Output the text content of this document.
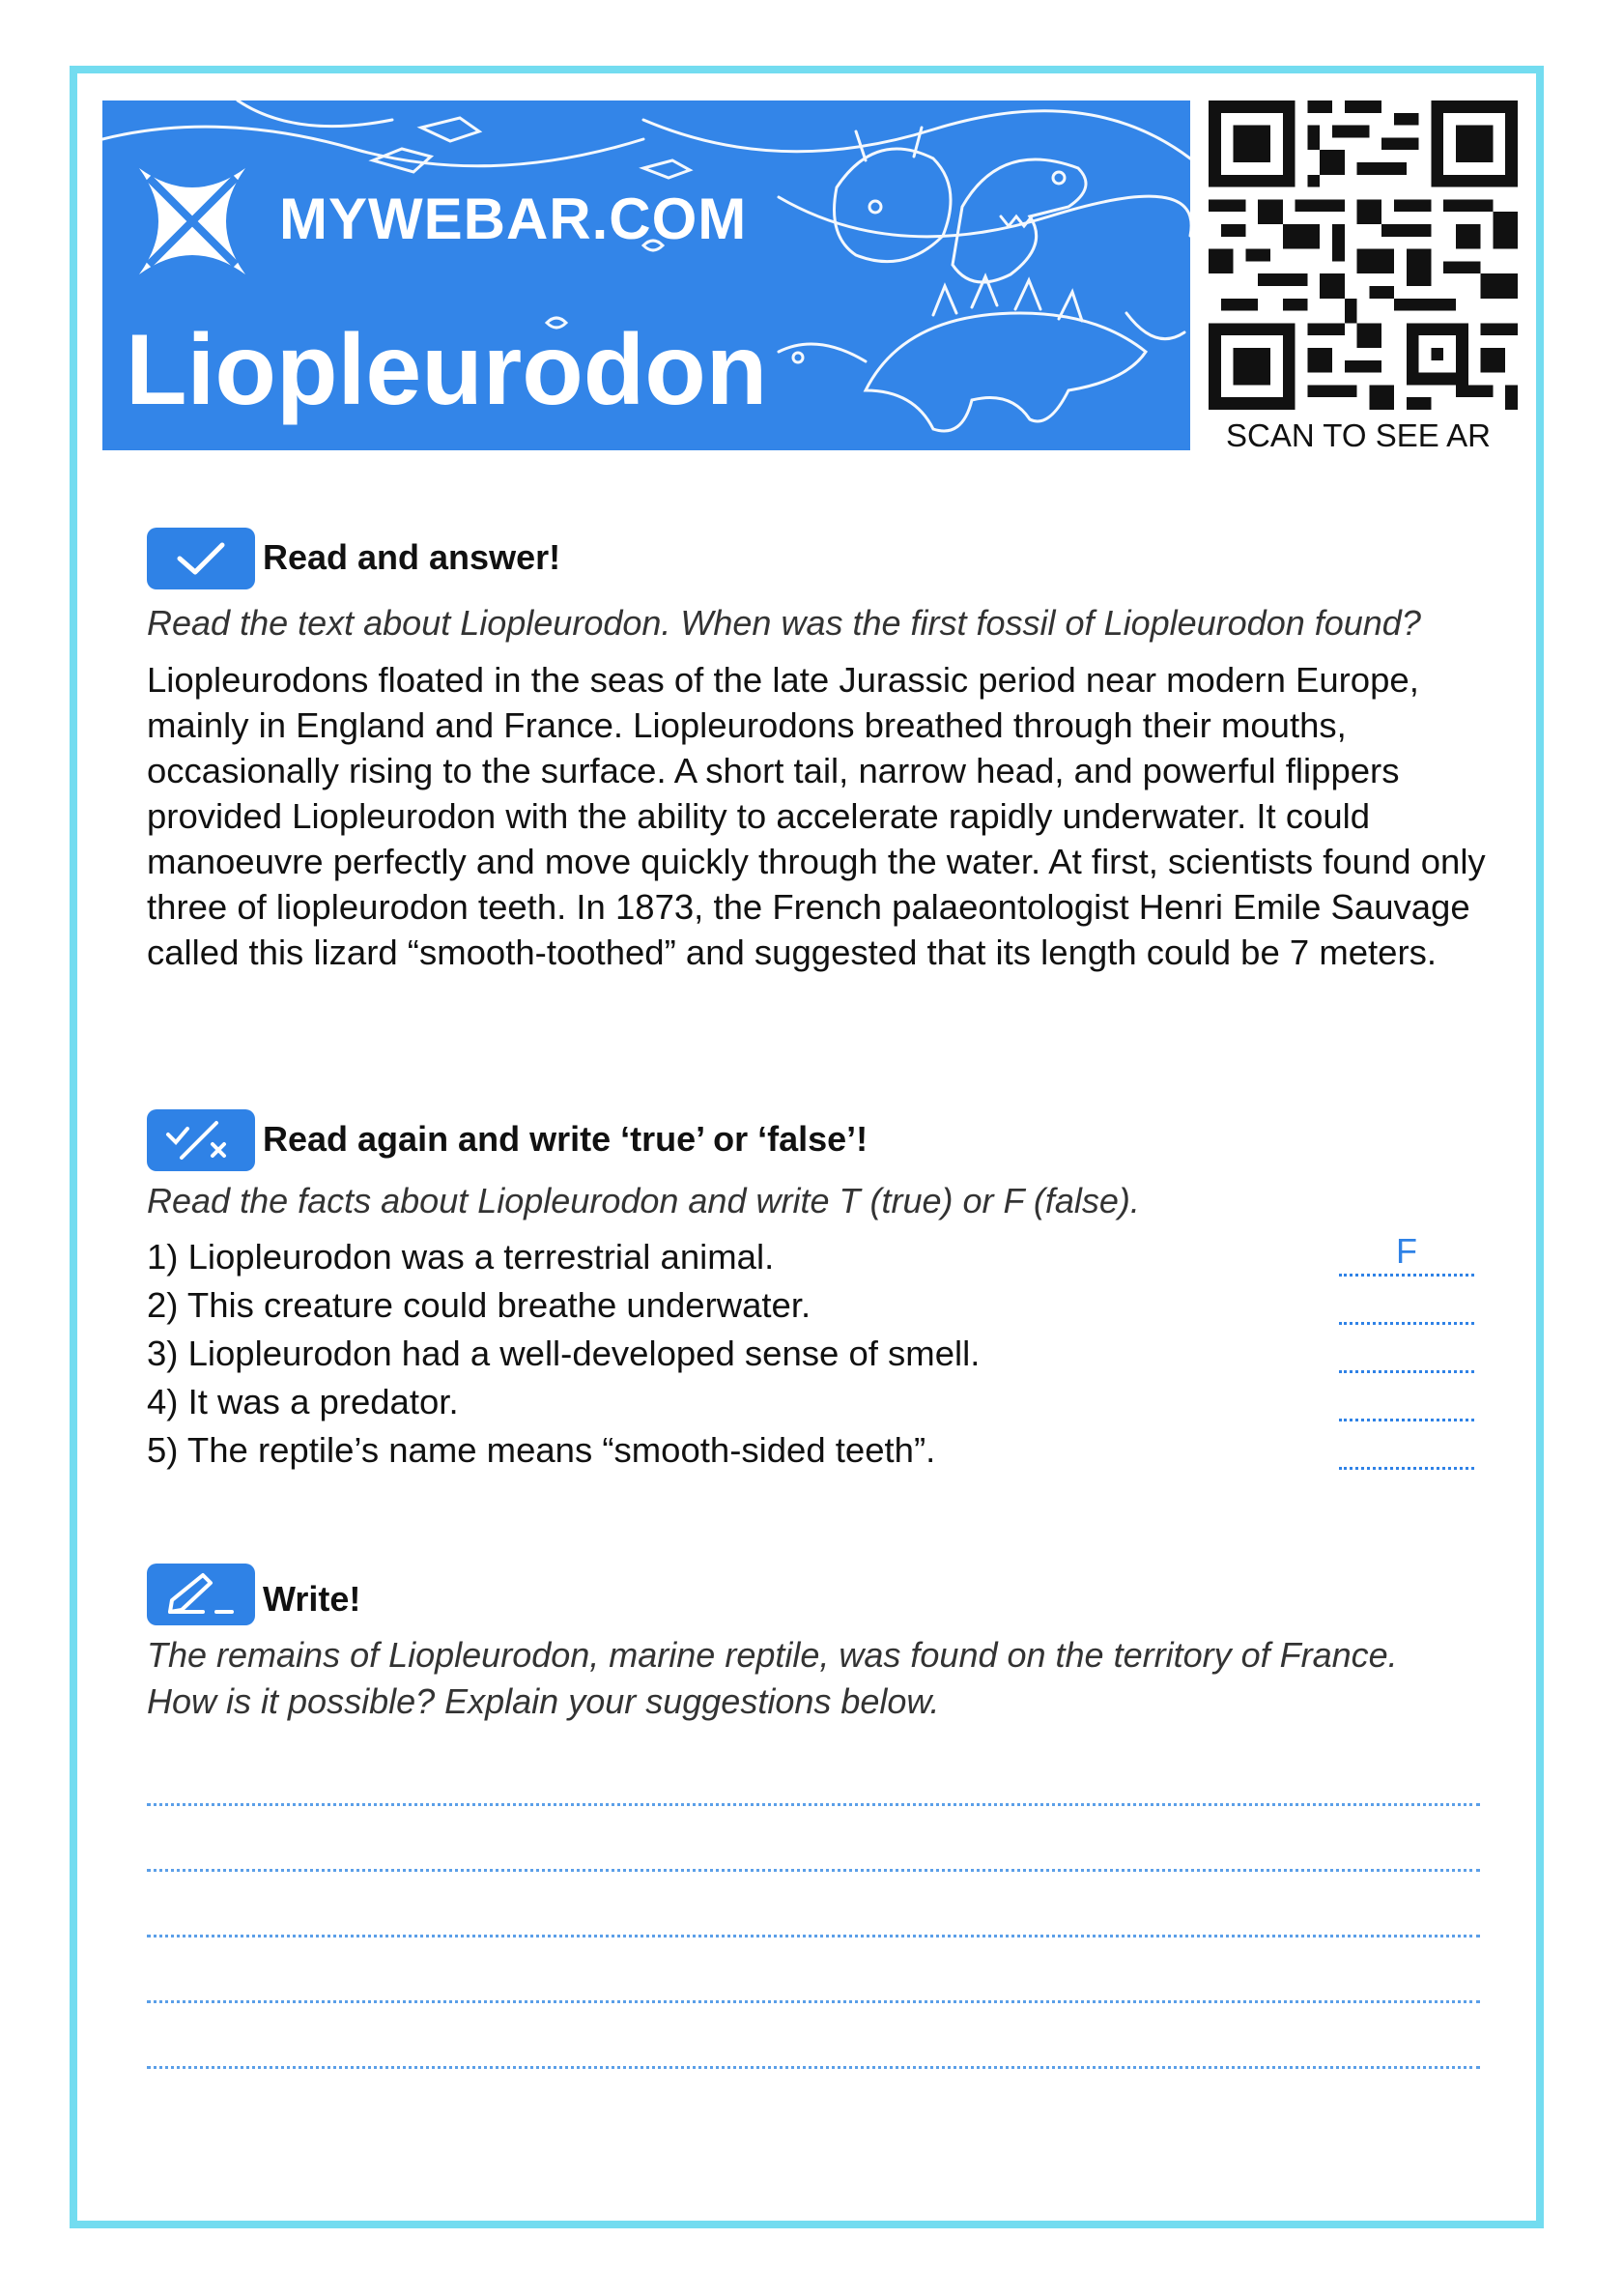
MYWEBAR.COM
Liopleurodon
SCAN TO SEE AR
Read and answer!
Read the text about Liopleurodon. When was the first fossil of Liopleurodon found?
Liopleurodons floated in the seas of the late Jurassic period near modern Europe, mainly in England and France. Liopleurodons breathed through their mouths, occasionally rising to the surface. A short tail, narrow head, and powerful flippers provided Liopleurodon with the ability to accelerate rapidly underwater. It could manoeuvre perfectly and move quickly through the water. At first, scientists found only three of liopleurodon teeth. In 1873, the French palaeontologist Henri Emile Sauvage called this lizard “smooth-toothed” and suggested that its length could be 7 meters.
Read again and write ‘true’ or ‘false’!
Read the facts about Liopleurodon and write T (true) or F (false).
1) Liopleurodon was a terrestrial animal.	F
2) This creature could breathe underwater.
3) Liopleurodon had a well-developed sense of smell.
4) It was a predator.
5) The reptile’s name means “smooth-sided teeth”.
Write!
The remains of Liopleurodon, marine reptile, was found on the territory of France.
How is it possible? Explain your suggestions below.
